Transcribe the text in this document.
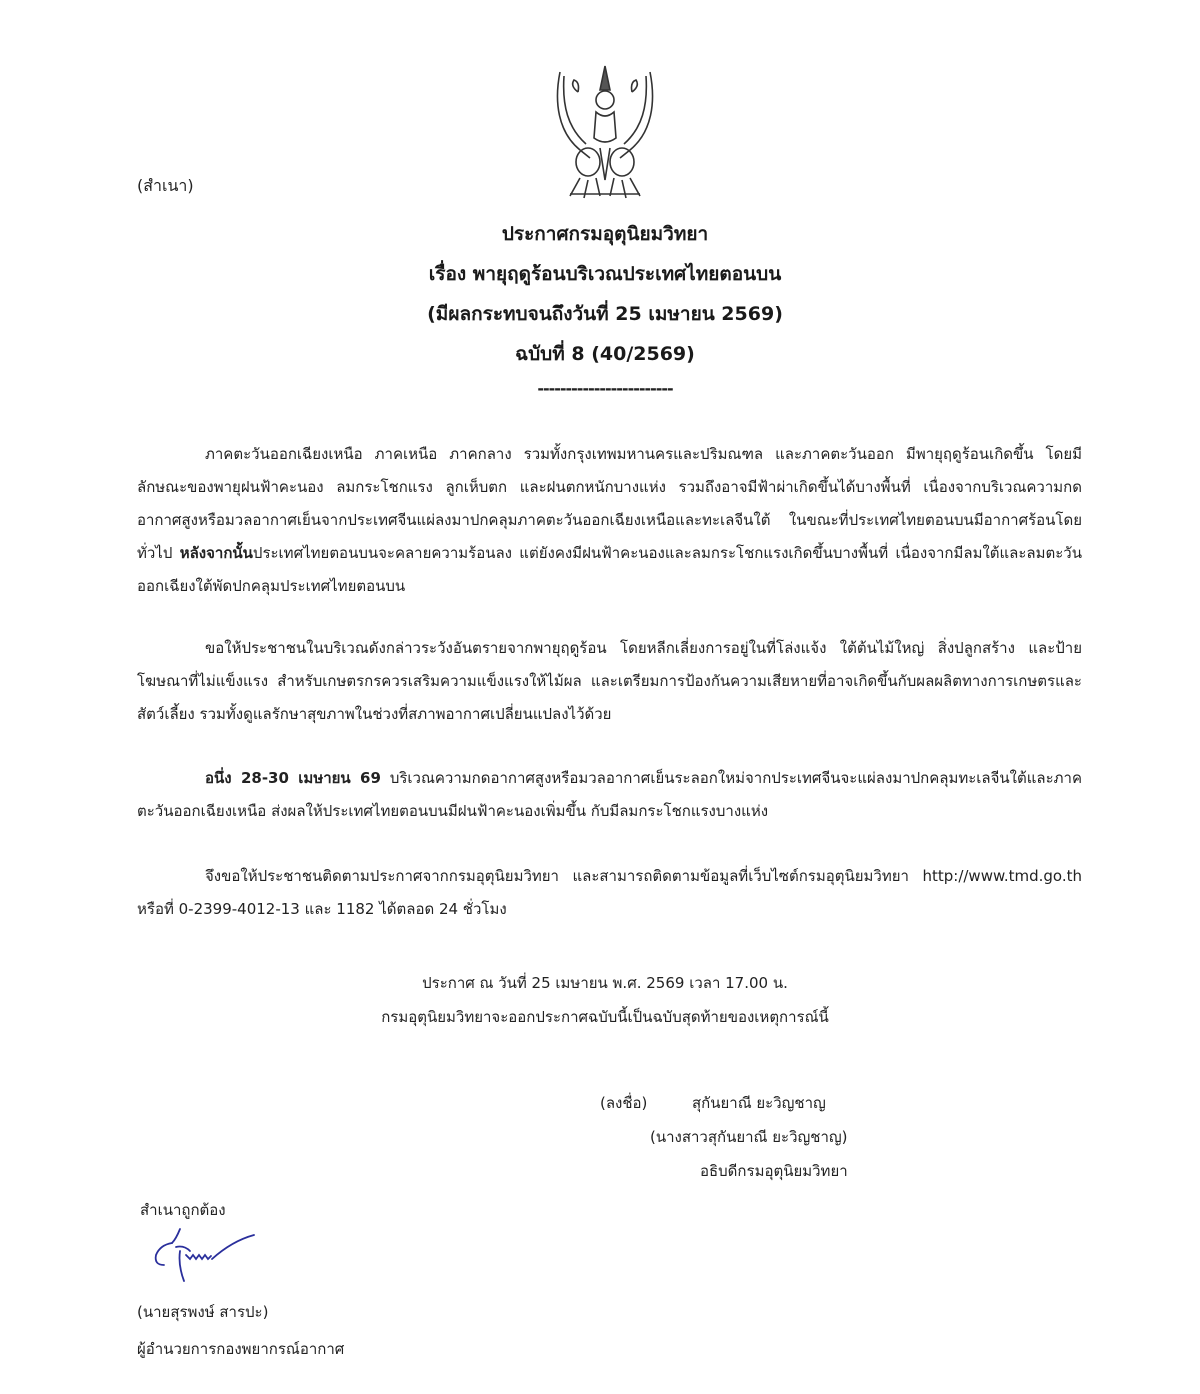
(สำเนา)
ประกาศกรมอุตุนิยมวิทยา
เรื่อง พายุฤดูร้อนบริเวณประเทศไทยตอนบน
(มีผลกระทบจนถึงวันที่ 25 เมษายน 2569)
ฉบับที่ 8 (40/2569)
------------------------

ภาคตะวันออกเฉียงเหนือ ภาคเหนือ ภาคกลาง รวมทั้งกรุงเทพมหานครและปริมณฑล และภาคตะวันออก มีพายุฤดูร้อนเกิดขึ้น โดยมีลักษณะของพายุฝนฟ้าคะนอง ลมกระโชกแรง ลูกเห็บตก และฝนตกหนักบางแห่ง รวมถึงอาจมีฟ้าผ่าเกิดขึ้นได้บางพื้นที่ เนื่องจากบริเวณความกดอากาศสูงหรือมวลอากาศเย็นจากประเทศจีนแผ่ลงมาปกคลุมภาคตะวันออกเฉียงเหนือและทะเลจีนใต้ ในขณะที่ประเทศไทยตอนบนมีอากาศร้อนโดยทั่วไป หลังจากนั้นประเทศไทยตอนบนจะคลายความร้อนลง แต่ยังคงมีฝนฟ้าคะนองและลมกระโชกแรงเกิดขึ้นบางพื้นที่ เนื่องจากมีลมใต้และลมตะวันออกเฉียงใต้พัดปกคลุมประเทศไทยตอนบน

ขอให้ประชาชนในบริเวณดังกล่าวระวังอันตรายจากพายุฤดูร้อน โดยหลีกเลี่ยงการอยู่ในที่โล่งแจ้ง ใต้ต้นไม้ใหญ่ สิ่งปลูกสร้าง และป้ายโฆษณาที่ไม่แข็งแรง สำหรับเกษตรกรควรเสริมความแข็งแรงให้ไม้ผล และเตรียมการป้องกันความเสียหายที่อาจเกิดขึ้นกับผลผลิตทางการเกษตรและสัตว์เลี้ยง รวมทั้งดูแลรักษาสุขภาพในช่วงที่สภาพอากาศเปลี่ยนแปลงไว้ด้วย

อนึ่ง 28-30 เมษายน 69 บริเวณความกดอากาศสูงหรือมวลอากาศเย็นระลอกใหม่จากประเทศจีนจะแผ่ลงมาปกคลุมทะเลจีนใต้และภาคตะวันออกเฉียงเหนือ ส่งผลให้ประเทศไทยตอนบนมีฝนฟ้าคะนองเพิ่มขึ้น กับมีลมกระโชกแรงบางแห่ง

จึงขอให้ประชาชนติดตามประกาศจากกรมอุตุนิยมวิทยา และสามารถติดตามข้อมูลที่เว็บไซต์กรมอุตุนิยมวิทยา http://www.tmd.go.th หรือที่ 0-2399-4012-13 และ 1182 ได้ตลอด 24 ชั่วโมง

ประกาศ ณ วันที่ 25 เมษายน พ.ศ. 2569 เวลา 17.00 น.
กรมอุตุนิยมวิทยาจะออกประกาศฉบับนี้เป็นฉบับสุดท้ายของเหตุการณ์นี้
(ลงชื่อ)	สุกันยาณี ยะวิญชาญ
(นางสาวสุกันยาณี ยะวิญชาญ)
อธิบดีกรมอุตุนิยมวิทยา
สำเนาถูกต้อง
(นายสุรพงษ์ สารปะ)
ผู้อำนวยการกองพยากรณ์อากาศ
